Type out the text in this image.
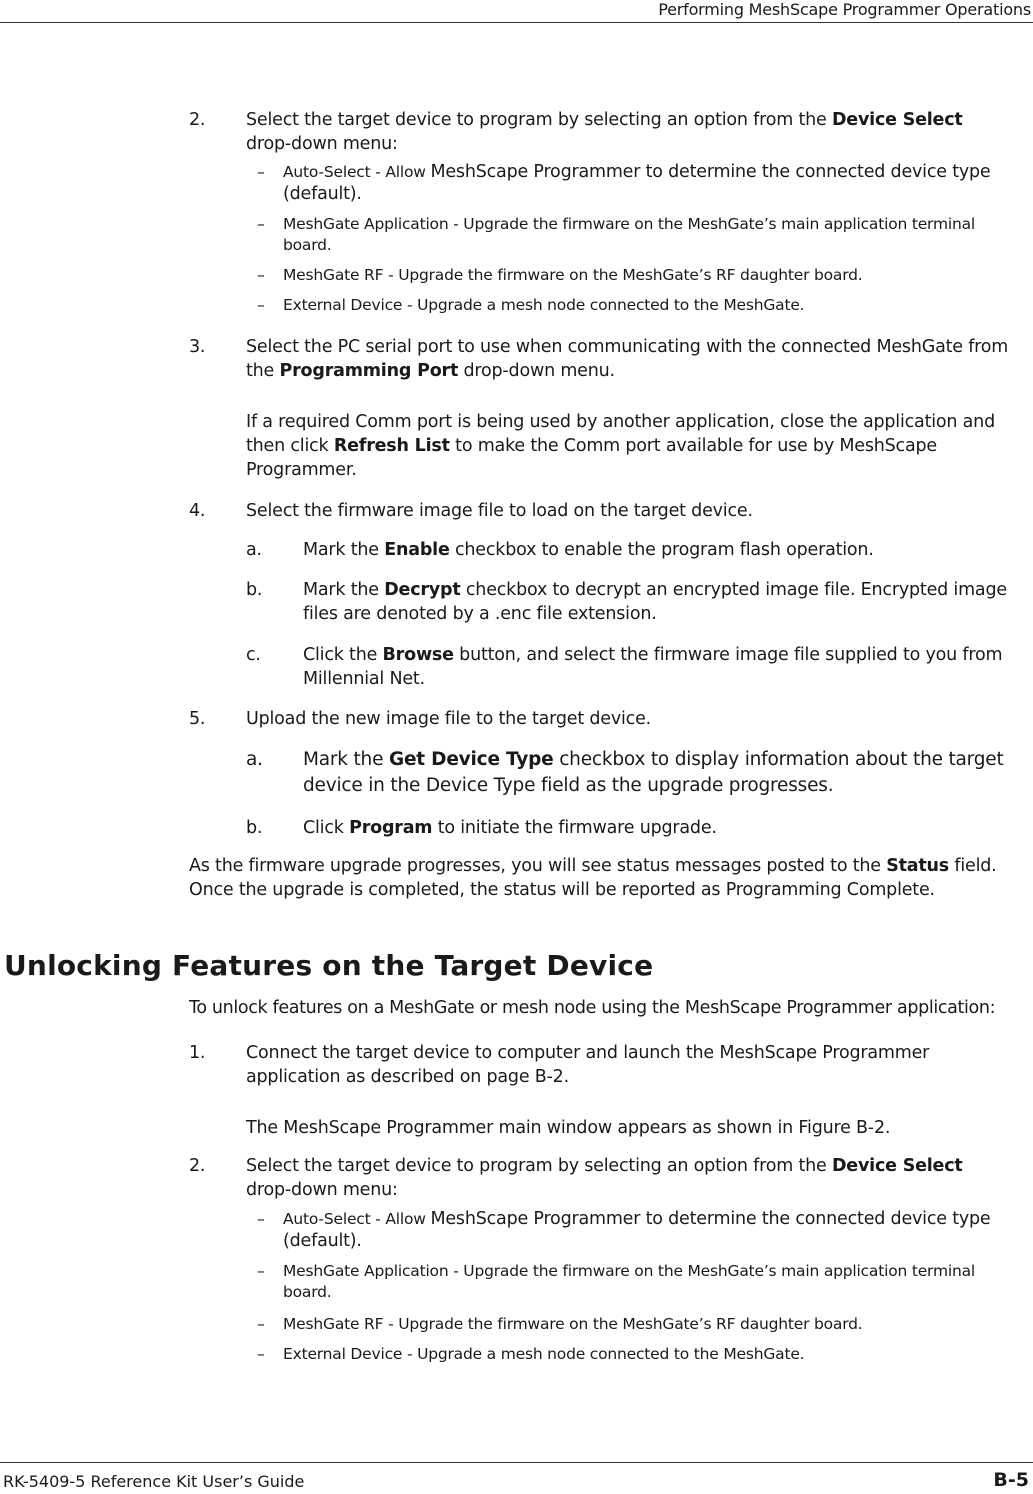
Performing MeshScape Programmer Operations
2. Select the target device to program by selecting an option from the Device Select drop-down menu:
– Auto-Select - Allow MeshScape Programmer to determine the connected device type (default).
– MeshGate Application - Upgrade the firmware on the MeshGate’s main application terminal board.
– MeshGate RF - Upgrade the firmware on the MeshGate’s RF daughter board.
– External Device - Upgrade a mesh node connected to the MeshGate.
3. Select the PC serial port to use when communicating with the connected MeshGate from the Programming Port drop-down menu.
If a required Comm port is being used by another application, close the application and then click Refresh List to make the Comm port available for use by MeshScape Programmer.
4. Select the firmware image file to load on the target device.
a. Mark the Enable checkbox to enable the program flash operation.
b. Mark the Decrypt checkbox to decrypt an encrypted image file. Encrypted image files are denoted by a .enc file extension.
c. Click the Browse button, and select the firmware image file supplied to you from Millennial Net.
5. Upload the new image file to the target device.
a. Mark the Get Device Type checkbox to display information about the target device in the Device Type field as the upgrade progresses.
b. Click Program to initiate the firmware upgrade.
As the firmware upgrade progresses, you will see status messages posted to the Status field. Once the upgrade is completed, the status will be reported as Programming Complete.
Unlocking Features on the Target Device
To unlock features on a MeshGate or mesh node using the MeshScape Programmer application:
1. Connect the target device to computer and launch the MeshScape Programmer application as described on page B-2.
The MeshScape Programmer main window appears as shown in Figure B-2.
2. Select the target device to program by selecting an option from the Device Select drop-down menu:
– Auto-Select - Allow MeshScape Programmer to determine the connected device type (default).
– MeshGate Application - Upgrade the firmware on the MeshGate’s main application terminal board.
– MeshGate RF - Upgrade the firmware on the MeshGate’s RF daughter board.
– External Device - Upgrade a mesh node connected to the MeshGate.
RK-5409-5 Reference Kit User’s Guide	B-5
